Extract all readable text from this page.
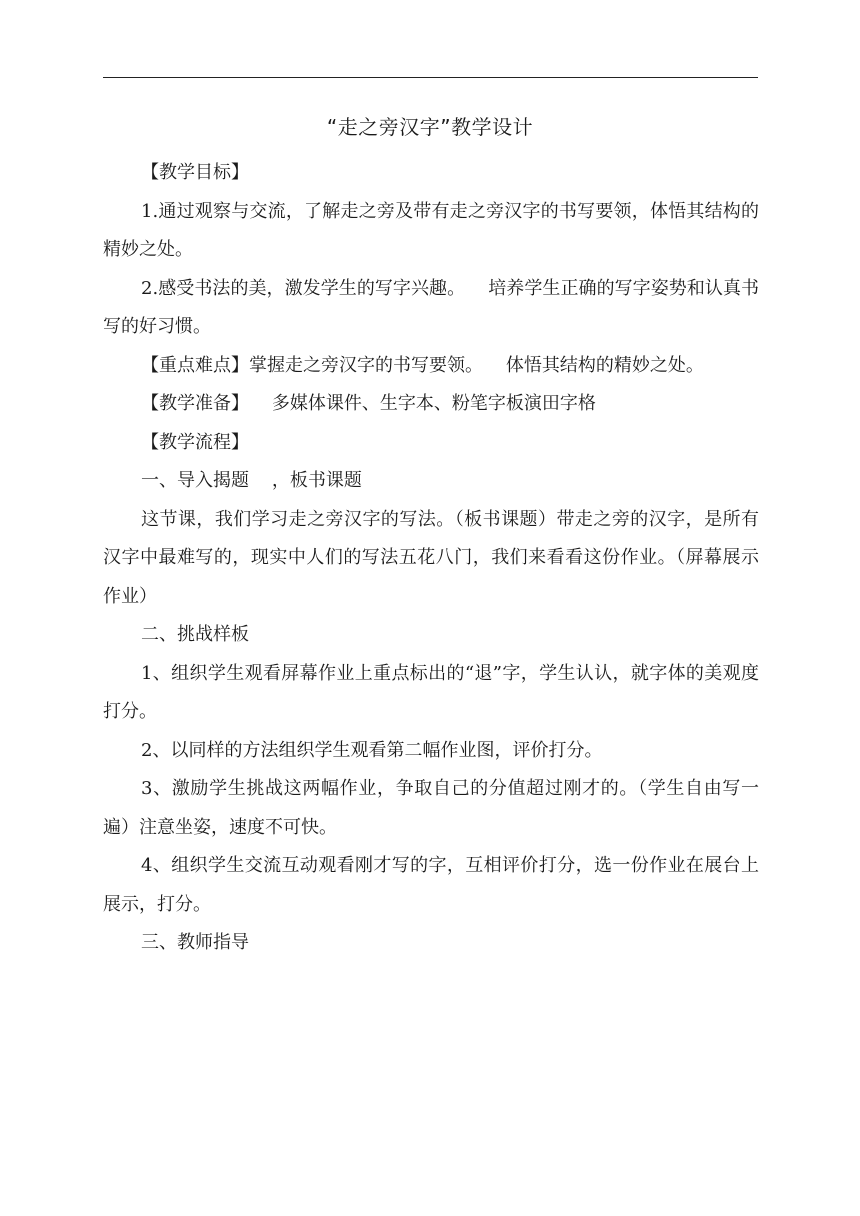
“走之旁汉字”教学设计

【教学目标】

1.通过观察与交流，了解走之旁及带有走之旁汉字的书写要领，体悟其结构的精妙之处。

2.感受书法的美，激发学生的写字兴趣。    培养学生正确的写字姿势和认真书写的好习惯。

【重点难点】掌握走之旁汉字的书写要领。    体悟其结构的精妙之处。

【教学准备】    多媒体课件、生字本、粉笔字板演田字格

【教学流程】

一、导入揭题    ，板书课题

这节课，我们学习走之旁汉字的写法。（板书课题）带走之旁的汉字，是所有汉字中最难写的，现实中人们的写法五花八门，我们来看看这份作业。（屏幕展示作业）

二、挑战样板

1、组织学生观看屏幕作业上重点标出的“退”字，学生认认，就字体的美观度打分。

2、以同样的方法组织学生观看第二幅作业图，评价打分。

3、激励学生挑战这两幅作业，争取自己的分值超过刚才的。（学生自由写一遍）注意坐姿，速度不可快。

4、组织学生交流互动观看刚才写的字，互相评价打分，选一份作业在展台上展示，打分。

三、教师指导
